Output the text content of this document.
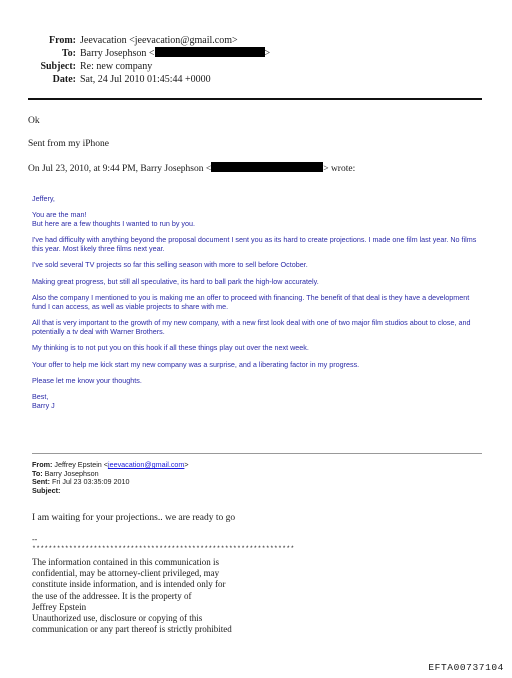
From: Jeevacation <jeevacation@gmail.com>
To: Barry Josephson <	>
Subject: Re: new company
Date: Sat, 24 Jul 2010 01:45:44 +0000
Ok
Sent from my iPhone
On Jul 23, 2010, at 9:44 PM, Barry Josephson <	> wrote:

Jeffery,

You are the man!
But here are a few thoughts I wanted to run by you.

I've had difficulty with anything beyond the proposal document I sent you as its hard to create projections. I made one film last year. No films this year. Most likely three films next year.

I've sold several TV projects so far this selling season with more to sell before October.

Making great progress, but still all speculative, its hard to ball park the high-low accurately.

Also the company I mentioned to you is making me an offer to proceed with financing. The benefit of that deal is they have a development fund I can access, as well as viable projects to share with me.

All that is very important to the growth of my new company, with a new first look deal with one of two major film studios about to close, and potentially a tv deal with Warner Brothers.

My thinking is to not put you on this hook if all these things play out over the next week.

Your offer to help me kick start my new company was a surprise, and a liberating factor in my progress.

Please let me know your thoughts.

Best,
Barry J

From: Jeffrey Epstein <jeevacation@gmail.com>
To: Barry Josephson
Sent: Fri Jul 23 03:35:09 2010
Subject:
I am waiting for your projections.. we are ready to go
--
****************************************************************
The information contained in this communication is
confidential, may be attorney-client privileged, may
constitute inside information, and is intended only for
the use of the addressee. It is the property of
Jeffrey Epstein
Unauthorized use, disclosure or copying of this
communication or any part thereof is strictly prohibited
EFTA00737104
